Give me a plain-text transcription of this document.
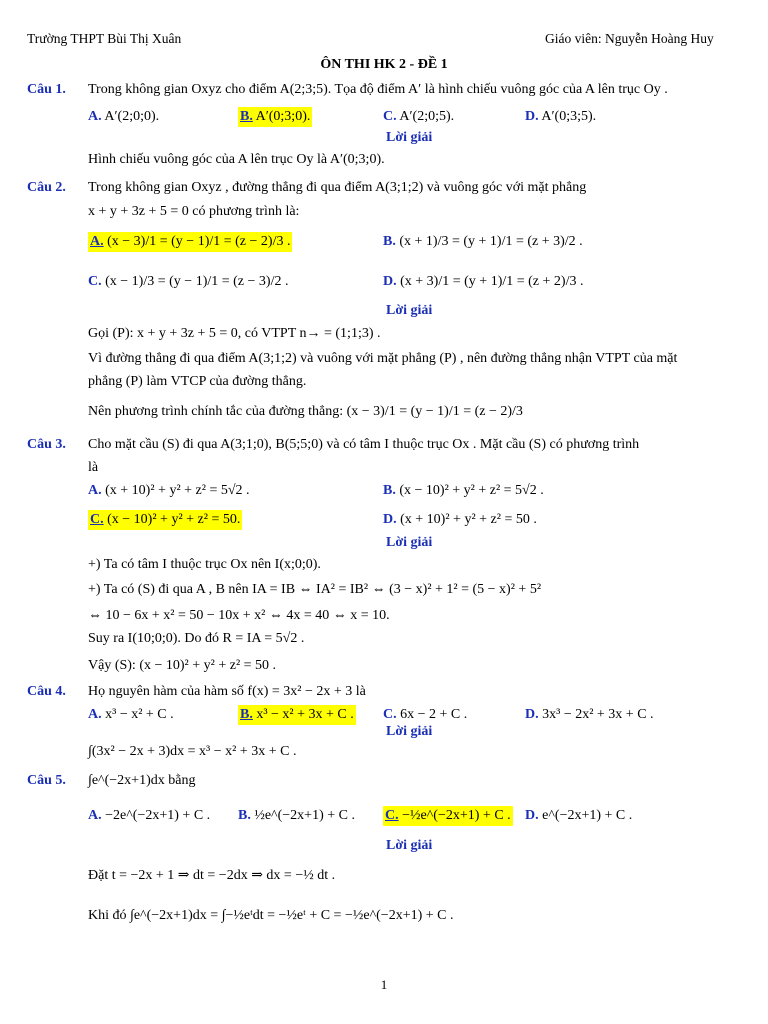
Trường THPT Bùi Thị Xuân	Giáo viên: Nguyễn Hoàng Huy
ÔN THI HK 2 - ĐỀ 1
Câu 1. Trong không gian Oxyz cho điểm A(2;3;5). Tọa độ điểm A′ là hình chiếu vuông góc của A lên trục Oy .
A. A′(2;0;0).	B. A′(0;3;0).	C. A′(2;0;5).	D. A′(0;3;5).
Lời giải
Hình chiếu vuông góc của A lên trục Oy là A′(0;3;0).
Câu 2. Trong không gian Oxyz , đường thẳng đi qua điểm A(3;1;2) và vuông góc với mặt phẳng
x + y + 3z + 5 = 0 có phương trình là:
A. (x − 3)/1 = (y − 1)/1 = (z − 2)/3 .	B. (x + 1)/3 = (y + 1)/1 = (z + 3)/2 .
C. (x − 1)/3 = (y − 1)/1 = (z − 3)/2 .	D. (x + 3)/1 = (y + 1)/1 = (z + 2)/3 .
Lời giải
Gọi (P): x + y + 3z + 5 = 0, có VTPT n→ = (1;1;3) .
Vì đường thẳng đi qua điểm A(3;1;2) và vuông với mặt phẳng (P) , nên đường thẳng nhận VTPT của mặt
phẳng (P) làm VTCP của đường thẳng.
Nên phương trình chính tắc của đường thẳng: (x − 3)/1 = (y − 1)/1 = (z − 2)/3
Câu 3. Cho mặt cầu (S) đi qua A(3;1;0), B(5;5;0) và có tâm I thuộc trục Ox . Mặt cầu (S) có phương trình
là
A. (x + 10)² + y² + z² = 5√2 .	B. (x − 10)² + y² + z² = 5√2 .
C. (x − 10)² + y² + z² = 50.	D. (x + 10)² + y² + z² = 50 .
Lời giải
+) Ta có tâm I thuộc trục Ox nên I(x;0;0).
+) Ta có (S) đi qua A , B nên IA = IB ⇔ IA² = IB² ⇔ (3 − x)² + 1² = (5 − x)² + 5²
⇔ 10 − 6x + x² = 50 − 10x + x² ⇔ 4x = 40 ⇔ x = 10.
Suy ra I(10;0;0). Do đó R = IA = 5√2 .
Vậy (S): (x − 10)² + y² + z² = 50 .
Câu 4. Họ nguyên hàm của hàm số f(x) = 3x² − 2x + 3 là
A. x³ − x² + C .	B. x³ − x² + 3x + C . C. 6x − 2 + C .	D. 3x³ − 2x² + 3x + C .
Lời giải
∫(3x² − 2x + 3)dx = x³ − x² + 3x + C .
Câu 5. ∫e^(−2x+1)dx bằng
A. −2e^(−2x+1) + C . B. ½e^(−2x+1) + C . C. −½e^(−2x+1) + C . D. e^(−2x+1) + C .
Lời giải
Đặt t = −2x + 1 ⇒ dt = −2dx ⇒ dx = −½ dt .
Khi đó ∫e^(−2x+1)dx = ∫−½eᵗdt = −½eᵗ + C = −½e^(−2x+1) + C .
1
